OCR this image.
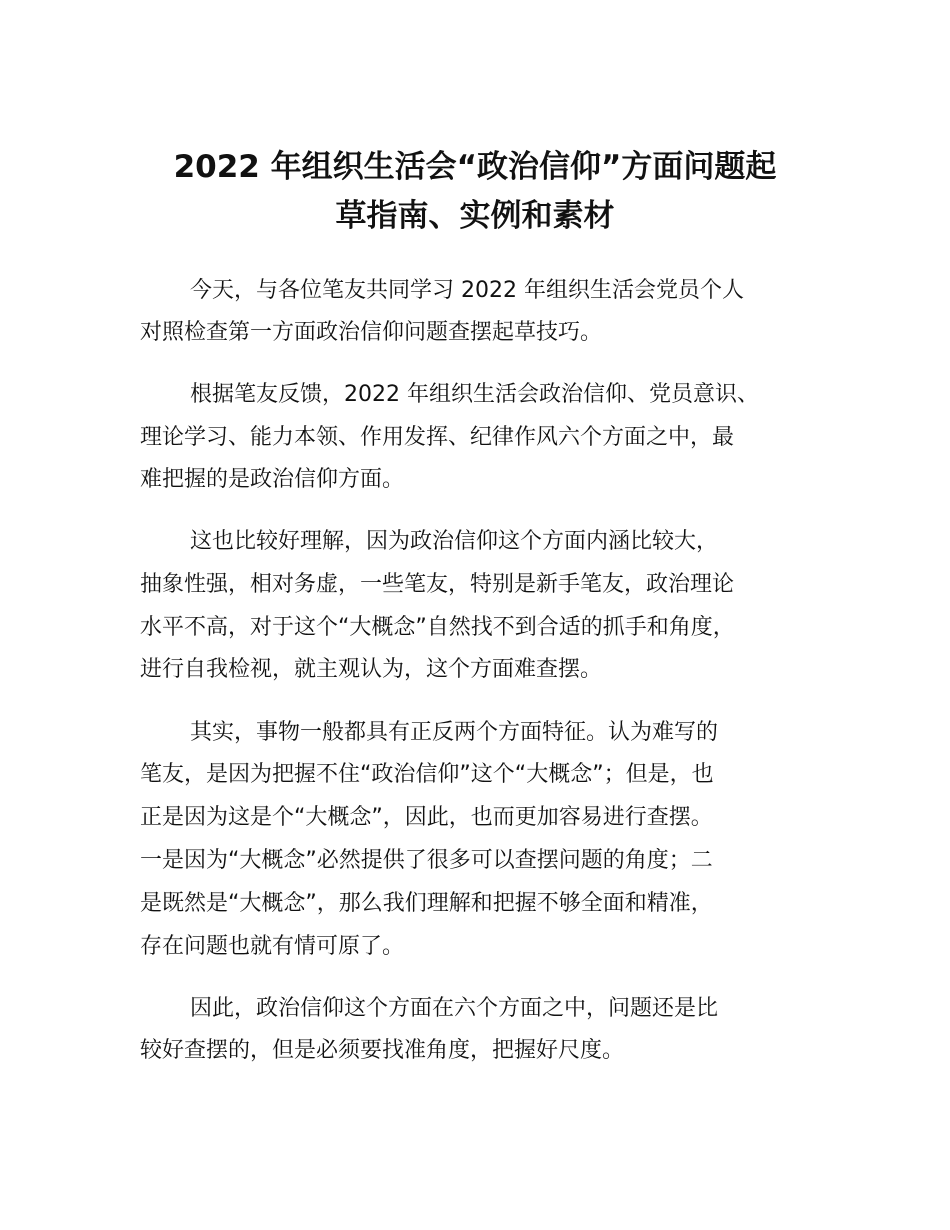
2022 年组织生活会“政治信仰”方面问题起
草指南、实例和素材

今天，与各位笔友共同学习 2022 年组织生活会党员个人

对照检查第一方面政治信仰问题查摆起草技巧。

根据笔友反馈，2022 年组织生活会政治信仰、党员意识、

理论学习、能力本领、作用发挥、纪律作风六个方面之中，最

难把握的是政治信仰方面。

这也比较好理解，因为政治信仰这个方面内涵比较大，

抽象性强，相对务虚，一些笔友，特别是新手笔友，政治理论

水平不高，对于这个“大概念”自然找不到合适的抓手和角度，

进行自我检视，就主观认为，这个方面难查摆。

其实，事物一般都具有正反两个方面特征。认为难写的

笔友，是因为把握不住“政治信仰”这个“大概念”；但是，也

正是因为这是个“大概念”，因此，也而更加容易进行查摆。

一是因为“大概念”必然提供了很多可以查摆问题的角度；二

是既然是“大概念”，那么我们理解和把握不够全面和精准，

存在问题也就有情可原了。

因此，政治信仰这个方面在六个方面之中，问题还是比

较好查摆的，但是必须要找准角度，把握好尺度。
